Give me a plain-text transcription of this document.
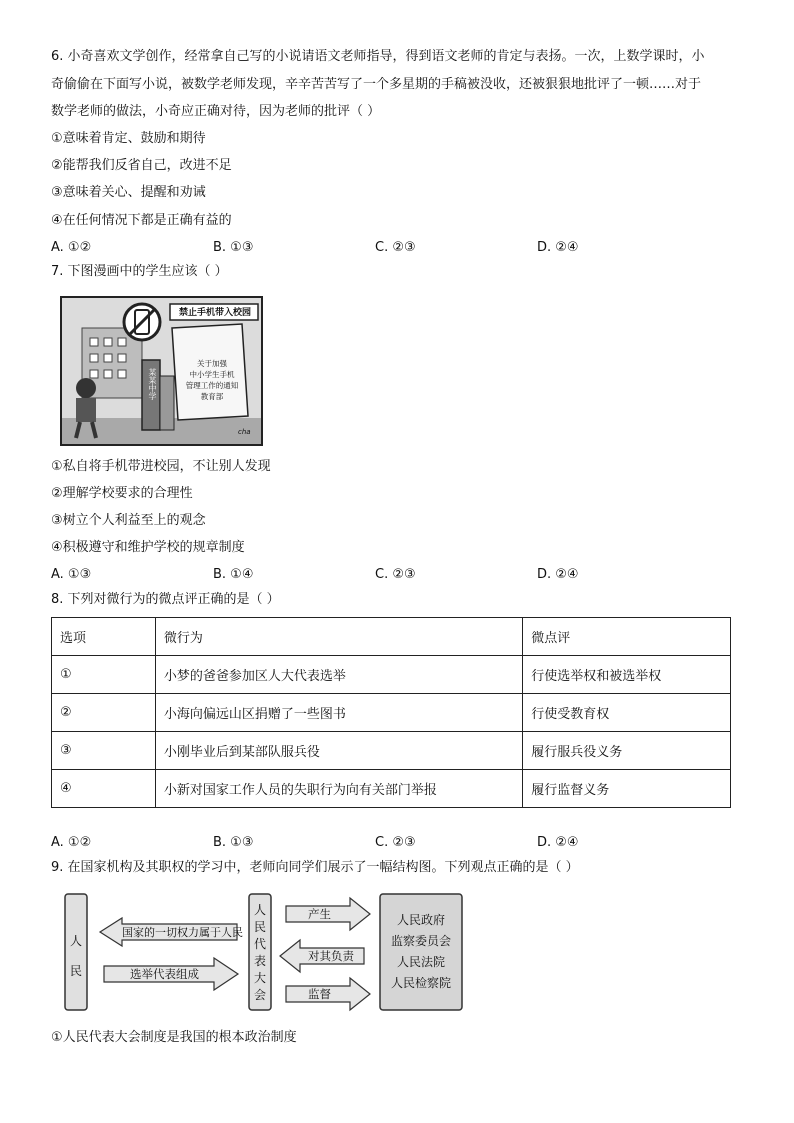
6. 小奇喜欢文学创作，经常拿自己写的小说请语文老师指导，得到语文老师的肯定与表扬。一次，上数学课时，小
奇偷偷在下面写小说，被数学老师发现，辛辛苦苦写了一个多星期的手稿被没收，还被狠狠地批评了一顿……对于
数学老师的做法，小奇应正确对待，因为老师的批评（ ）
①意味着肯定、鼓励和期待
②能帮我们反省自己，改进不足
③意味着关心、提醒和劝诫
④在任何情况下都是正确有益的
A. ①②	B. ①③	C. ②③	D. ②④
7. 下图漫画中的学生应该（ ）
禁止手机带入校园
关于加强
中小学生手机
管理工作的通知
教育部
某某中学
cha
①私自将手机带进校园，不让别人发现
②理解学校要求的合理性
③树立个人利益至上的观念
④积极遵守和维护学校的规章制度
A. ①③	B. ①④	C. ②③	D. ②④
8. 下列对微行为的微点评正确的是（ ）
选项	微行为	微点评
①	小梦的爸爸参加区人大代表选举	行使选举权和被选举权
②	小海向偏远山区捐赠了一些图书	行使受教育权
③	小刚毕业后到某部队服兵役	履行服兵役义务
④	小新对国家工作人员的失职行为向有关部门举报	履行监督义务
A. ①②	B. ①③	C. ②③	D. ②④
9. 在国家机构及其职权的学习中，老师向同学们展示了一幅结构图。下列观点正确的是（ ）
人
民
国家的一切权力属于人民
选举代表组成
人
民
代
表
大
会
产生
对其负责
监督
人民政府
监察委员会
人民法院
人民检察院
①人民代表大会制度是我国的根本政治制度
